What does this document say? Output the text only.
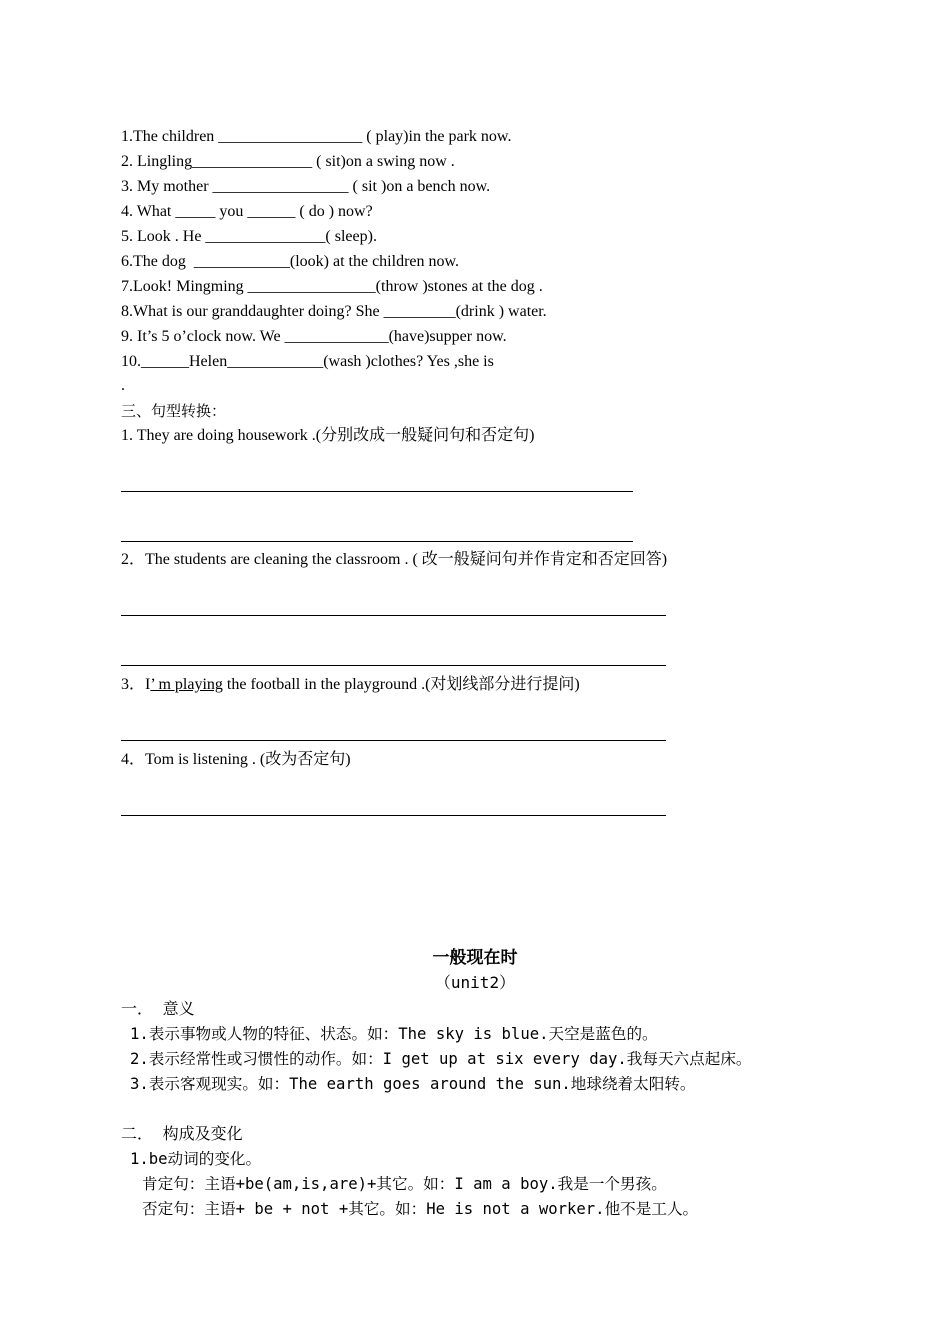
1.The children __________________ ( play)in the park now.
2. Lingling_______________ ( sit)on a swing now .
3. My mother _________________ ( sit )on a bench now.
4. What _____ you ______ ( do ) now?
5. Look . He _______________( sleep).
6.The dog  ____________(look) at the children now.
7.Look! Mingming ________________(throw )stones at the dog .
8.What is our granddaughter doing? She _________(drink ) water.
9. It’s 5 o’clock now. We _____________(have)supper now.
10.______Helen____________(wash )clothes? Yes ,she is
.
三、句型转换：
1. They are doing housework .(分别改成一般疑问句和否定句)
2．The students are cleaning the classroom . ( 改一般疑问句并作肯定和否定回答)
3．I’ m playing the football in the playground .(对划线部分进行提问)
4．Tom is listening . (改为否定句)
一般现在时
（unit2）
一． 意义
1.表示事物或人物的特征、状态。如：The sky is blue.天空是蓝色的。
2.表示经常性或习惯性的动作。如：I get up at six every day.我每天六点起床。
3.表示客观现实。如：The earth goes around the sun.地球绕着太阳转。
二． 构成及变化
1.be动词的变化。
肯定句：主语+be(am,is,are)+其它。如：I am a boy.我是一个男孩。
否定句：主语+ be + not +其它。如：He is not a worker.他不是工人。
